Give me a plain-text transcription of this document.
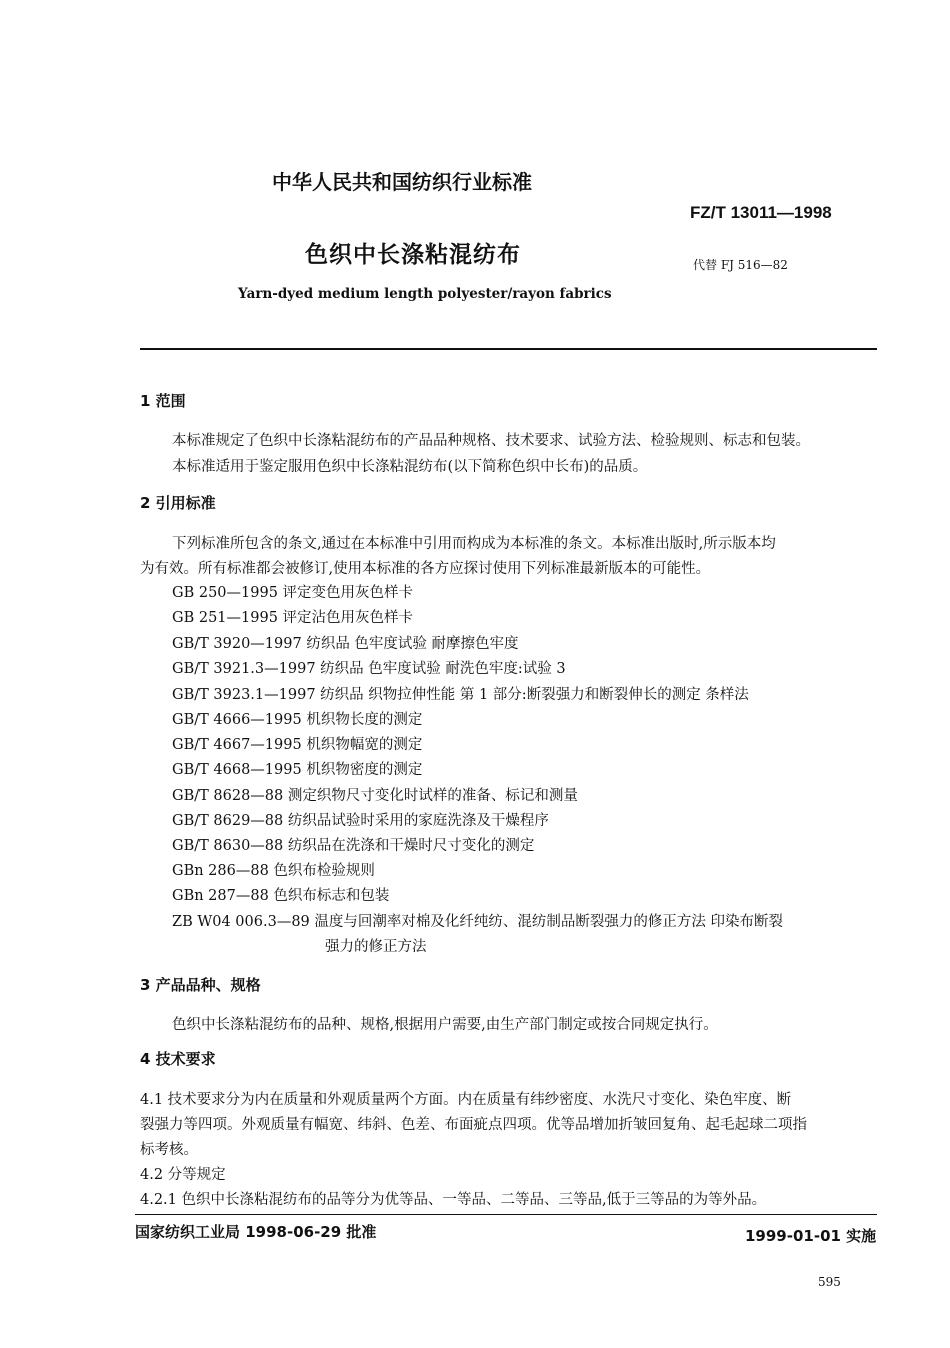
中华人民共和国纺织行业标准
FZ/T 13011—1998
色织中长涤粘混纺布	代替 FJ 516—82
Yarn-dyed medium length polyester/rayon fabrics
1 范围
本标准规定了色织中长涤粘混纺布的产品品种规格、技术要求、试验方法、检验规则、标志和包装。
本标准适用于鉴定服用色织中长涤粘混纺布(以下简称色织中长布)的品质。
2 引用标准
下列标准所包含的条文,通过在本标准中引用而构成为本标准的条文。本标准出版时,所示版本均
为有效。所有标准都会被修订,使用本标准的各方应探讨使用下列标准最新版本的可能性。
GB 250—1995 评定变色用灰色样卡
GB 251—1995 评定沾色用灰色样卡
GB/T 3920—1997 纺织品 色牢度试验 耐摩擦色牢度
GB/T 3921.3—1997 纺织品 色牢度试验 耐洗色牢度:试验 3
GB/T 3923.1—1997 纺织品 织物拉伸性能 第 1 部分:断裂强力和断裂伸长的测定 条样法
GB/T 4666—1995 机织物长度的测定
GB/T 4667—1995 机织物幅宽的测定
GB/T 4668—1995 机织物密度的测定
GB/T 8628—88 测定织物尺寸变化时试样的准备、标记和测量
GB/T 8629—88 纺织品试验时采用的家庭洗涤及干燥程序
GB/T 8630—88 纺织品在洗涤和干燥时尺寸变化的测定
GBn 286—88 色织布检验规则
GBn 287—88 色织布标志和包装
ZB W04 006.3—89 温度与回潮率对棉及化纤纯纺、混纺制品断裂强力的修正方法 印染布断裂
强力的修正方法
3 产品品种、规格
色织中长涤粘混纺布的品种、规格,根据用户需要,由生产部门制定或按合同规定执行。
4 技术要求
4.1 技术要求分为内在质量和外观质量两个方面。内在质量有纬纱密度、水洗尺寸变化、染色牢度、断
裂强力等四项。外观质量有幅宽、纬斜、色差、布面疵点四项。优等品增加折皱回复角、起毛起球二项指
标考核。
4.2 分等规定
4.2.1 色织中长涤粘混纺布的品等分为优等品、一等品、二等品、三等品,低于三等品的为等外品。
国家纺织工业局 1998-06-29 批准	1999-01-01 实施
595
